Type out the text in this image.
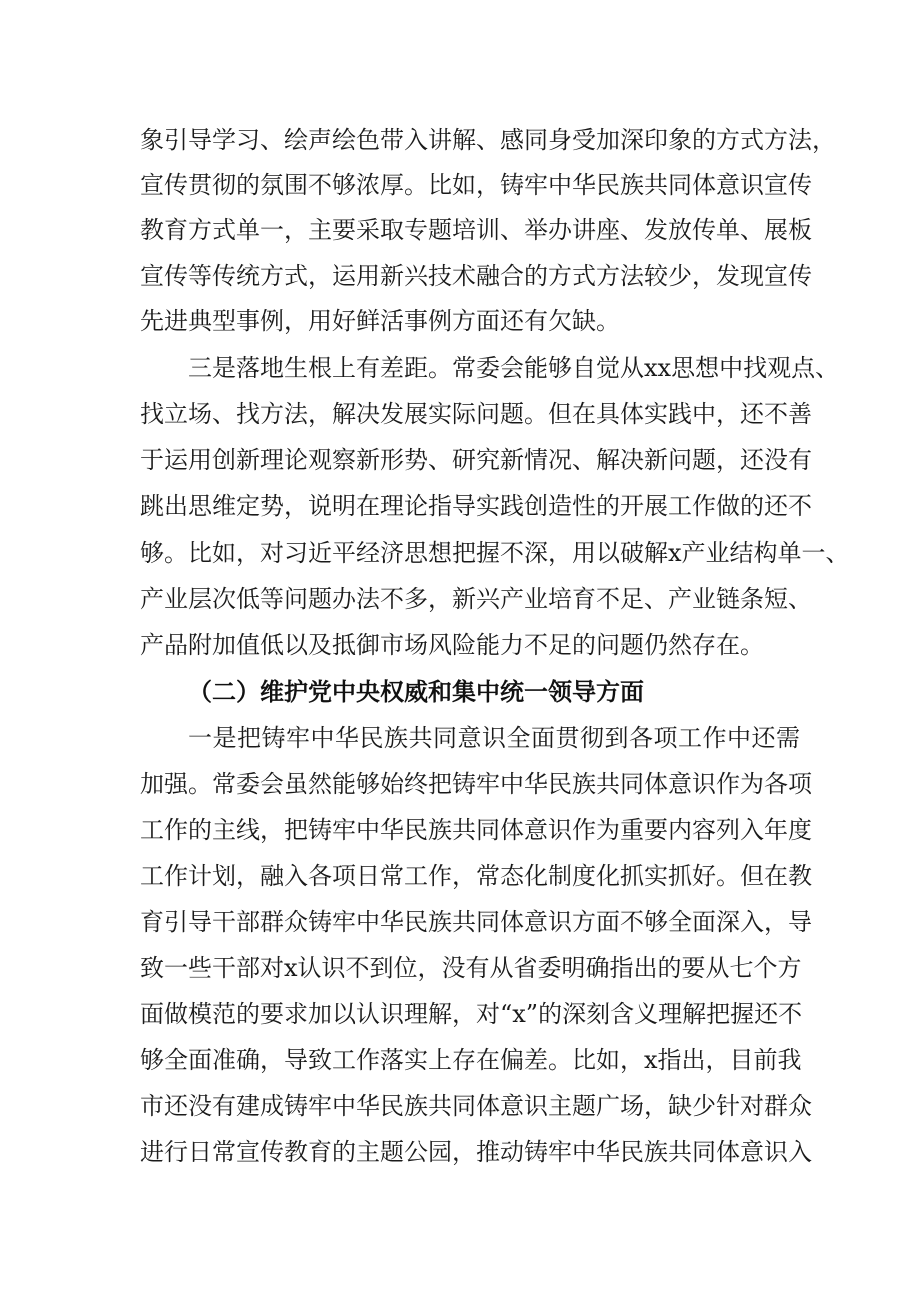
象引导学习、绘声绘色带入讲解、感同身受加深印象的方式方法，
宣传贯彻的氛围不够浓厚。比如，铸牢中华民族共同体意识宣传
教育方式单一，主要采取专题培训、举办讲座、发放传单、展板
宣传等传统方式，运用新兴技术融合的方式方法较少，发现宣传
先进典型事例，用好鲜活事例方面还有欠缺。
三是落地生根上有差距。常委会能够自觉从xx思想中找观点、
找立场、找方法，解决发展实际问题。但在具体实践中，还不善
于运用创新理论观察新形势、研究新情况、解决新问题，还没有
跳出思维定势，说明在理论指导实践创造性的开展工作做的还不
够。比如，对习近平经济思想把握不深，用以破解x产业结构单一、
产业层次低等问题办法不多，新兴产业培育不足、产业链条短、
产品附加值低以及抵御市场风险能力不足的问题仍然存在。
（二）维护党中央权威和集中统一领导方面
一是把铸牢中华民族共同意识全面贯彻到各项工作中还需
加强。常委会虽然能够始终把铸牢中华民族共同体意识作为各项
工作的主线，把铸牢中华民族共同体意识作为重要内容列入年度
工作计划，融入各项日常工作，常态化制度化抓实抓好。但在教
育引导干部群众铸牢中华民族共同体意识方面不够全面深入，导
致一些干部对x认识不到位，没有从省委明确指出的要从七个方
面做模范的要求加以认识理解，对“x”的深刻含义理解把握还不
够全面准确，导致工作落实上存在偏差。比如，x指出，目前我
市还没有建成铸牢中华民族共同体意识主题广场，缺少针对群众
进行日常宣传教育的主题公园，推动铸牢中华民族共同体意识入
